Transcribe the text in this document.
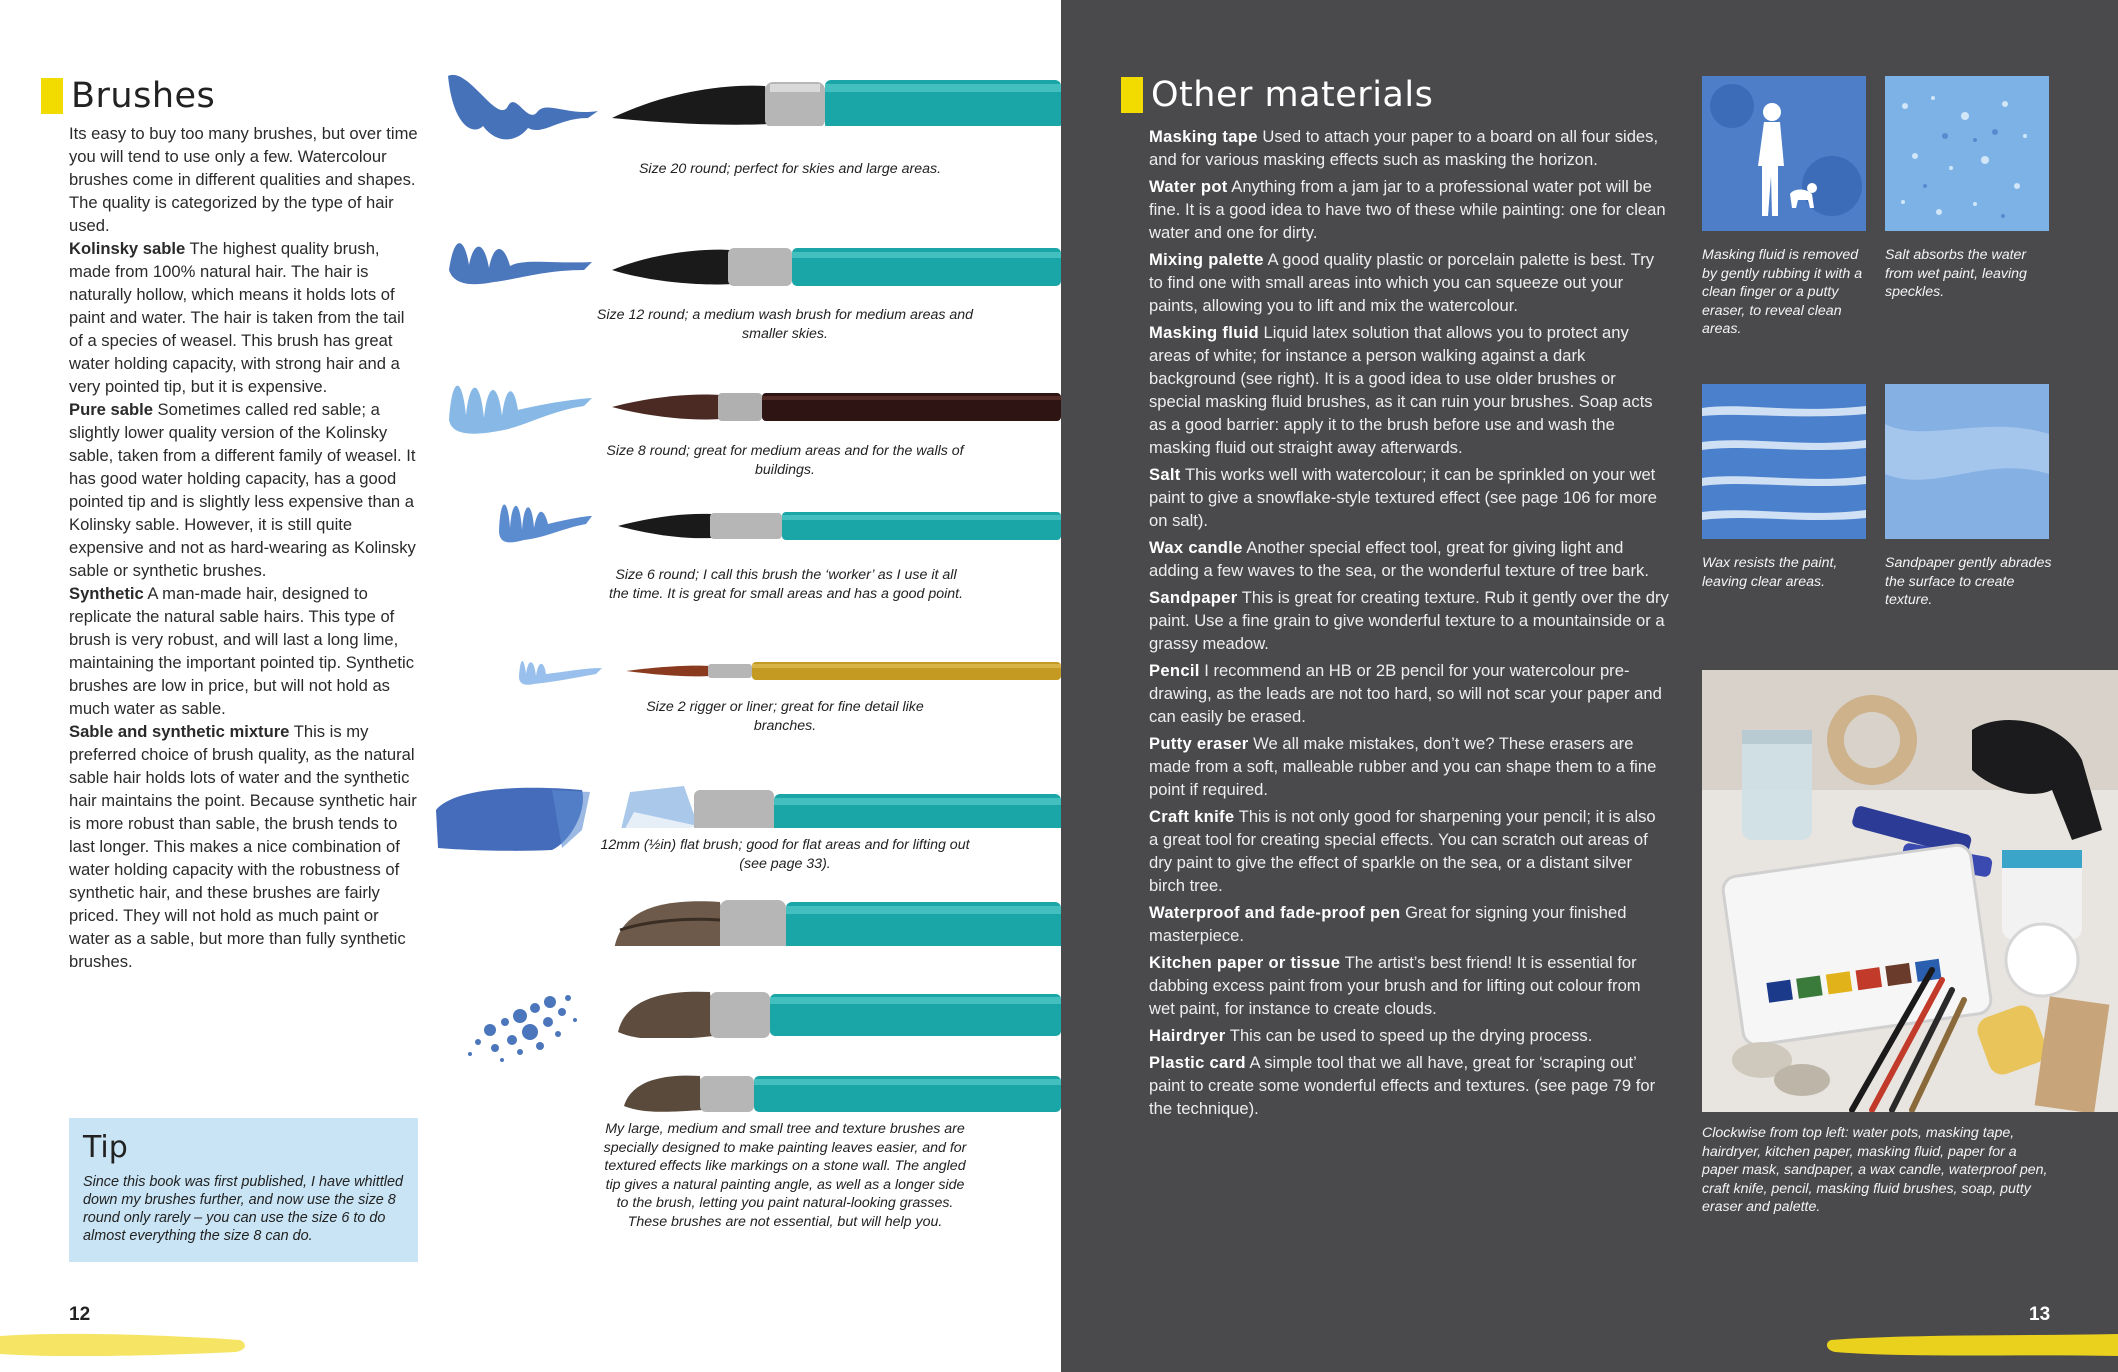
Brushes

Its easy to buy too many brushes, but over time you will tend to use only a few. Watercolour brushes come in different qualities and shapes. The quality is categorized by the type of hair used.

Kolinsky sable The highest quality brush, made from 100% natural hair. The hair is naturally hollow, which means it holds lots of paint and water. The hair is taken from the tail of a species of weasel. This brush has great water holding capacity, with strong hair and a very pointed tip, but it is expensive.

Pure sable Sometimes called red sable; a slightly lower quality version of the Kolinsky sable, taken from a different family of weasel. It has good water holding capacity, has a good pointed tip and is slightly less expensive than a Kolinsky sable. However, it is still quite expensive and not as hard-wearing as Kolinsky sable or synthetic brushes.

Synthetic A man-made hair, designed to replicate the natural sable hairs. This type of brush is very robust, and will last a long lime, maintaining the important pointed tip. Synthetic brushes are low in price, but will not hold as much water as sable.

Sable and synthetic mixture This is my preferred choice of brush quality, as the natural sable hair holds lots of water and the synthetic hair maintains the point. Because synthetic hair is more robust than sable, the brush tends to last longer. This makes a nice combination of water holding capacity with the robustness of synthetic hair, and these brushes are fairly priced. They will not hold as much paint or water as a sable, but more than fully synthetic brushes.

Tip
Since this book was first published, I have whittled down my brushes further, and now use the size 8 round only rarely – you can use the size 6 to do almost everything the size 8 can do.
Size 20 round; perfect for skies and large areas.
Size 12 round; a medium wash brush for medium areas and smaller skies.
Size 8 round; great for medium areas and for the walls of buildings.
Size 6 round; I call this brush the ‘worker’ as I use it all the time. It is great for small areas and has a good point.
Size 2 rigger or liner; great for fine detail like branches.
12mm (½in) flat brush; good for flat areas and for lifting out (see page 33).
My large, medium and small tree and texture brushes are specially designed to make painting leaves easier, and for textured effects like markings on a stone wall. The angled tip gives a natural painting angle, as well as a longer side to the brush, letting you paint natural-looking grasses. These brushes are not essential, but will help you.
12
Other materials

Masking tape Used to attach your paper to a board on all four sides, and for various masking effects such as masking the horizon.

Water pot Anything from a jam jar to a professional water pot will be fine. It is a good idea to have two of these while painting: one for clean water and one for dirty.

Mixing palette A good quality plastic or porcelain palette is best. Try to find one with small areas into which you can squeeze out your paints, allowing you to lift and mix the watercolour.

Masking fluid Liquid latex solution that allows you to protect any areas of white; for instance a person walking against a dark background (see right). It is a good idea to use older brushes or special masking fluid brushes, as it can ruin your brushes. Soap acts as a good barrier: apply it to the brush before use and wash the masking fluid out straight away afterwards.

Salt This works well with watercolour; it can be sprinkled on your wet paint to give a snowflake-style textured effect (see page 106 for more on salt).

Wax candle Another special effect tool, great for giving light and adding a few waves to the sea, or the wonderful texture of tree bark.

Sandpaper This is great for creating texture. Rub it gently over the dry paint. Use a fine grain to give wonderful texture to a mountainside or a grassy meadow.

Pencil I recommend an HB or 2B pencil for your watercolour pre-drawing, as the leads are not too hard, so will not scar your paper and can easily be erased.

Putty eraser We all make mistakes, don’t we? These erasers are made from a soft, malleable rubber and you can shape them to a fine point if required.

Craft knife This is not only good for sharpening your pencil; it is also a great tool for creating special effects. You can scratch out areas of dry paint to give the effect of sparkle on the sea, or a distant silver birch tree.

Waterproof and fade-proof pen Great for signing your finished masterpiece.

Kitchen paper or tissue The artist’s best friend! It is essential for dabbing excess paint from your brush and for lifting out colour from wet paint, for instance to create clouds.

Hairdryer This can be used to speed up the drying process.

Plastic card A simple tool that we all have, great for ‘scraping out’ paint to create some wonderful effects and textures. (see page 79 for the technique).

Masking fluid is removed by gently rubbing it with a clean finger or a putty eraser, to reveal clean areas.
Salt absorbs the water from wet paint, leaving speckles.
Wax resists the paint, leaving clear areas.
Sandpaper gently abrades the surface to create texture.
Clockwise from top left: water pots, masking tape, hairdryer, kitchen paper, masking fluid, paper for a paper mask, sandpaper, a wax candle, waterproof pen, craft knife, pencil, masking fluid brushes, soap, putty eraser and palette.
13
